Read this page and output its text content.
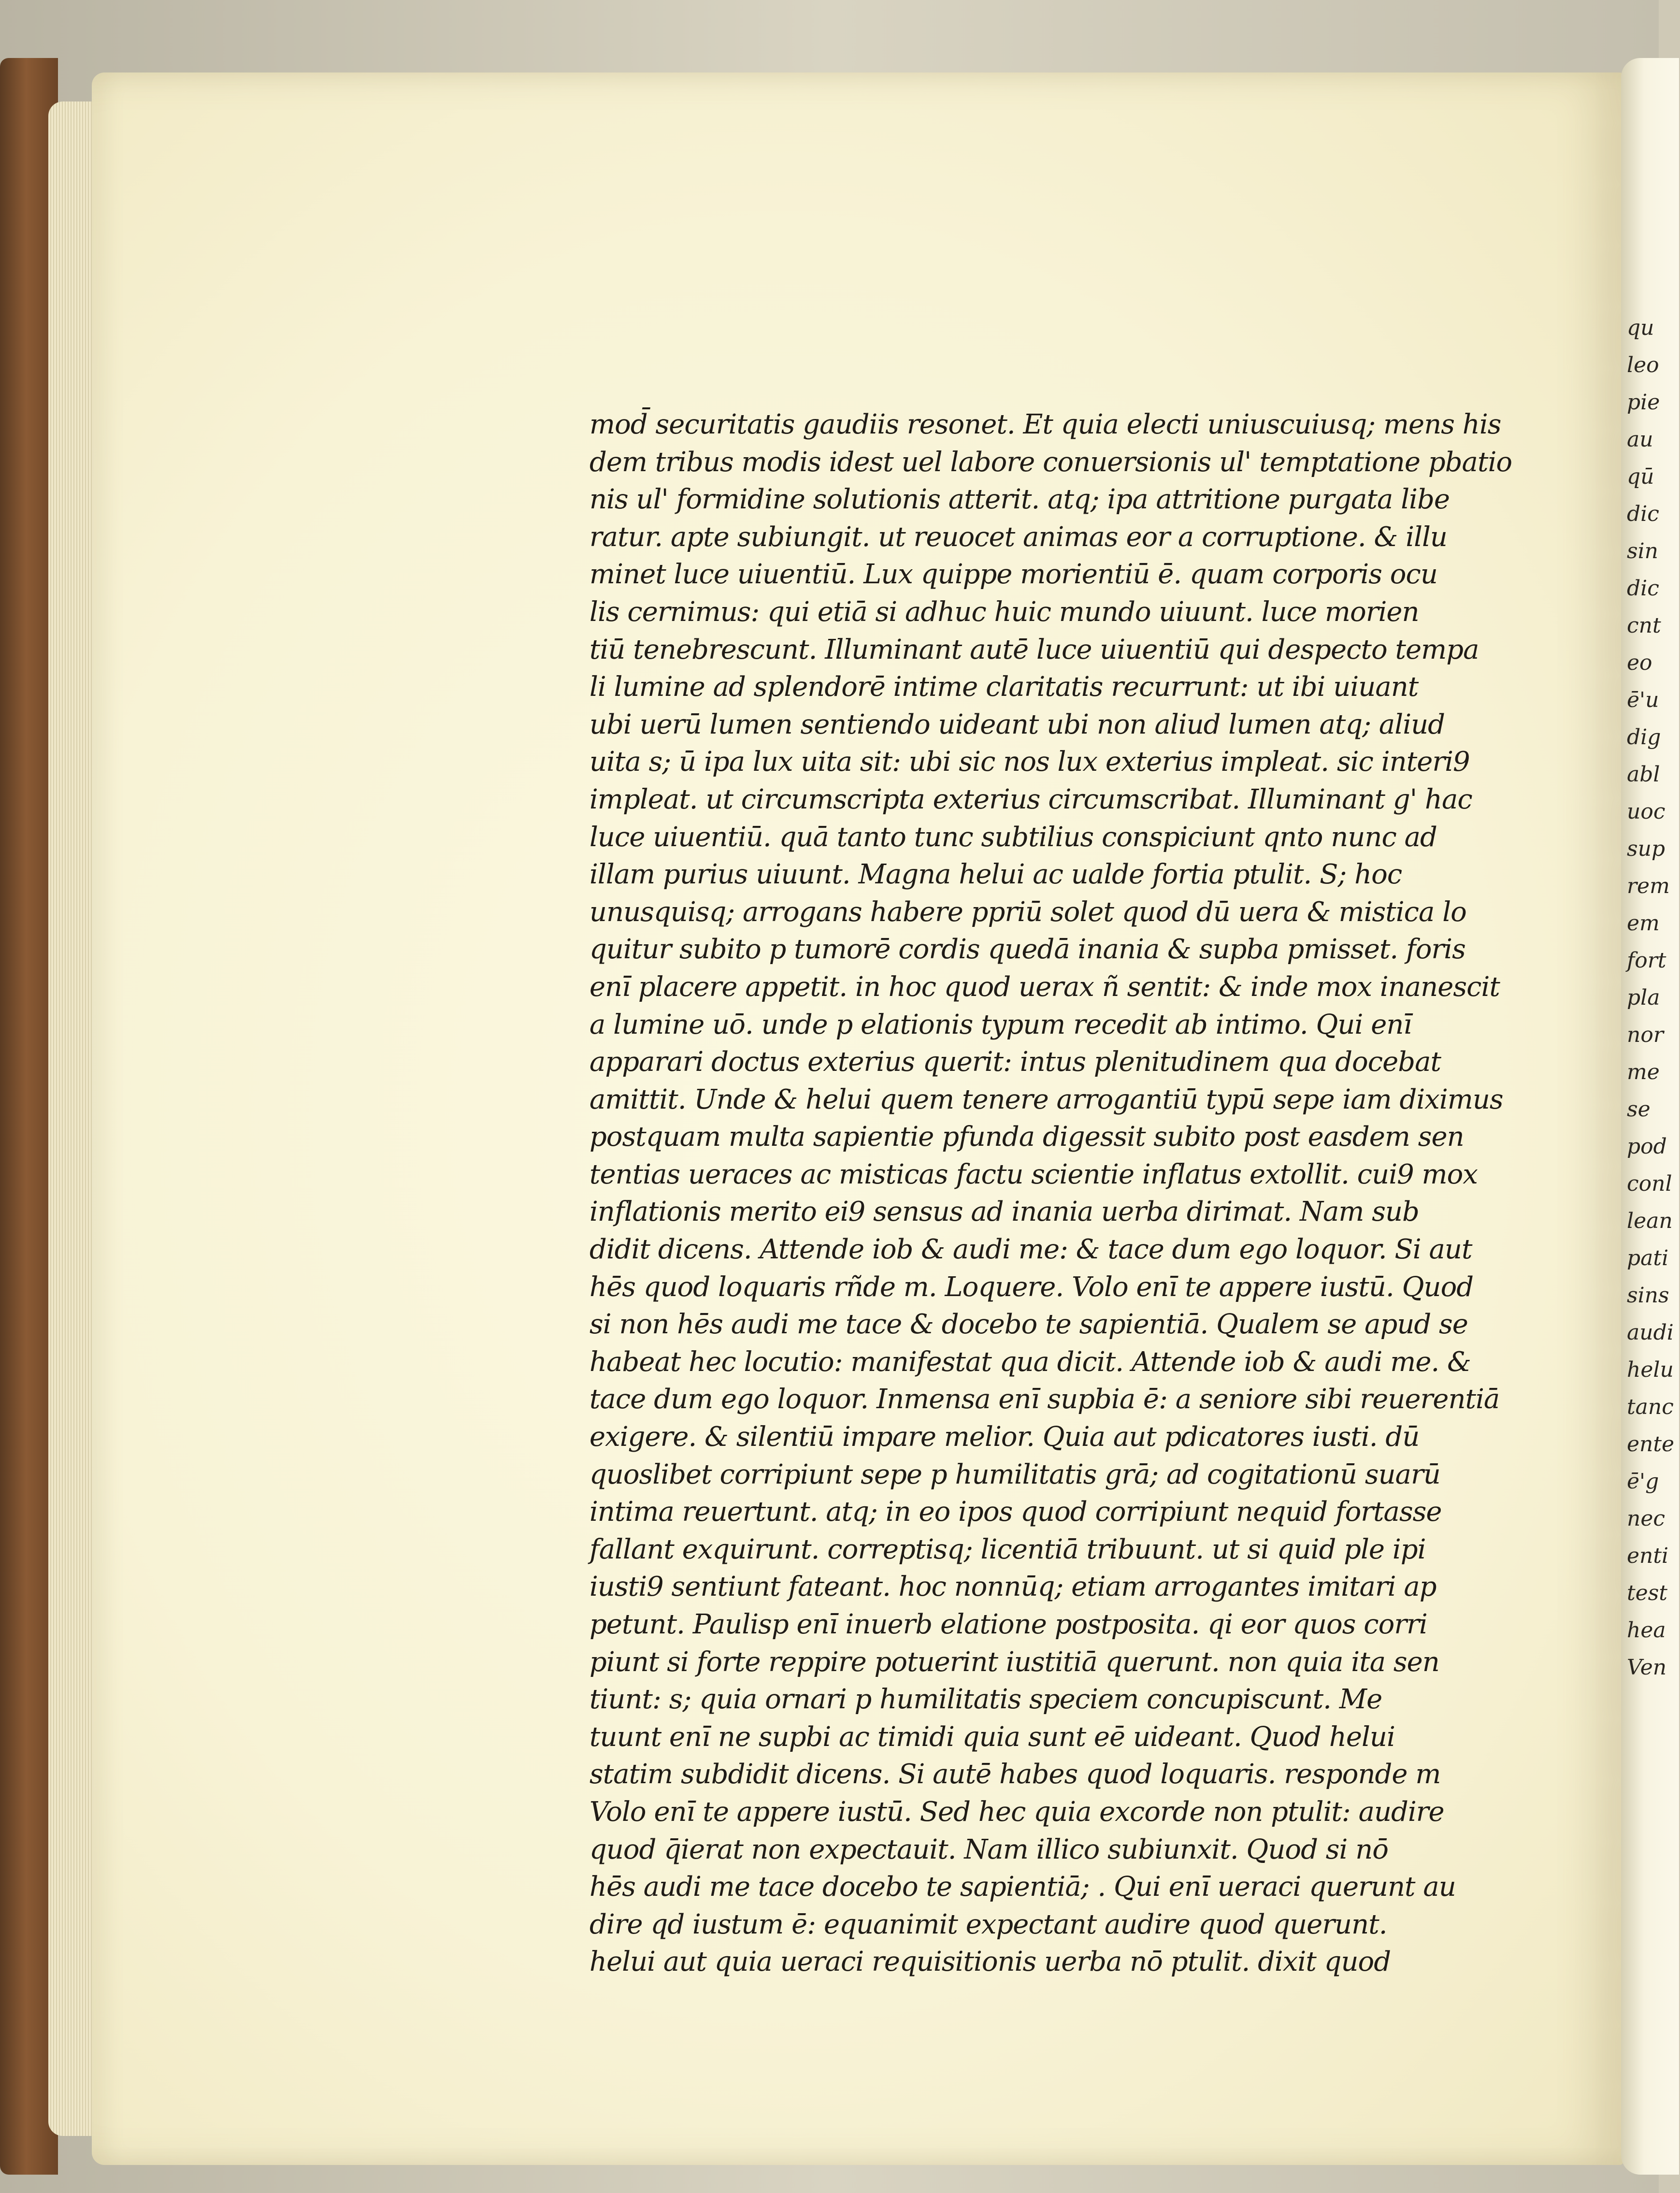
mod̄ securitatis gaudiis resonet. Et quia electi uniuscuiusq; mens his
dem tribus modis idest uel labore conuersionis ul' temptatione pbatio
nis ul' formidine solutionis atterit. atq; ipa attritione purgata libe
ratur. apte subiungit. ut reuocet animas eor a corruptione. & illu
minet luce uiuentiū. Lux quippe morientiū ē. quam corporis ocu
lis cernimus: qui etiā si adhuc huic mundo uiuunt. luce morien
tiū tenebrescunt. Illuminant autē luce uiuentiū qui despecto tempa
li lumine ad splendorē intime claritatis recurrunt: ut ibi uiuant
ubi uerū lumen sentiendo uideant ubi non aliud lumen atq; aliud
uita s; ū ipa lux uita sit: ubi sic nos lux exterius impleat. sic interi9
impleat. ut circumscripta exterius circumscribat. Illuminant g' hac
luce uiuentiū. quā tanto tunc subtilius conspiciunt qnto nunc ad
illam purius uiuunt. Magna helui ac ualde fortia ptulit. S; hoc
unusquisq; arrogans habere ppriū solet quod dū uera & mistica lo
quitur subito p tumorē cordis quedā inania & supba pmisset. foris
enī placere appetit. in hoc quod uerax ñ sentit: & inde mox inanescit
a lumine uō. unde p elationis typum recedit ab intimo. Qui enī
apparari doctus exterius querit: intus plenitudinem qua docebat
amittit. Unde & helui quem tenere arrogantiū typū sepe iam diximus
postquam multa sapientie pfunda digessit subito post easdem sen
tentias ueraces ac misticas factu scientie inflatus extollit. cui9 mox
inflationis merito ei9 sensus ad inania uerba dirimat. Nam sub
didit dicens. Attende iob & audi me: & tace dum ego loquor. Si aut
hēs quod loquaris rñde m. Loquere. Volo enī te appere iustū. Quod
si non hēs audi me tace & docebo te sapientiā. Qualem se apud se
habeat hec locutio: manifestat qua dicit. Attende iob & audi me. &
tace dum ego loquor. Inmensa enī supbia ē: a seniore sibi reuerentiā
exigere. & silentiū impare melior. Quia aut pdicatores iusti. dū
quoslibet corripiunt sepe p humilitatis grā; ad cogitationū suarū
intima reuertunt. atq; in eo ipos quod corripiunt nequid fortasse
fallant exquirunt. correptisq; licentiā tribuunt. ut si quid ple ipi
iusti9 sentiunt fateant. hoc nonnūq; etiam arrogantes imitari ap
petunt. Paulisp enī inuerb elatione postposita. qi eor quos corri
piunt si forte reppire potuerint iustitiā querunt. non quia ita sen
tiunt: s; quia ornari p humilitatis speciem concupiscunt. Me
tuunt enī ne supbi ac timidi quia sunt eē uideant. Quod helui
statim subdidit dicens. Si autē habes quod loquaris. responde m
Volo enī te appere iustū. Sed hec quia excorde non ptulit: audire
quod q̄ierat non expectauit. Nam illico subiunxit. Quod si nō
hēs audi me tace docebo te sapientiā; . Qui enī ueraci querunt au
dire qd iustum ē: equanimit expectant audire quod querunt.
helui aut quia ueraci requisitionis uerba nō ptulit. dixit quod
qu
leo
pie
au
qū
dic
sin
dic
cnt
eo
ē'u
dig
abl
uoc
sup
rem
em
fort
pla
nor
me
se
pod
conl
lean
pati
sins
audi
helu
tanc
ente
ē'g
nec
enti
test
hea
Ven
